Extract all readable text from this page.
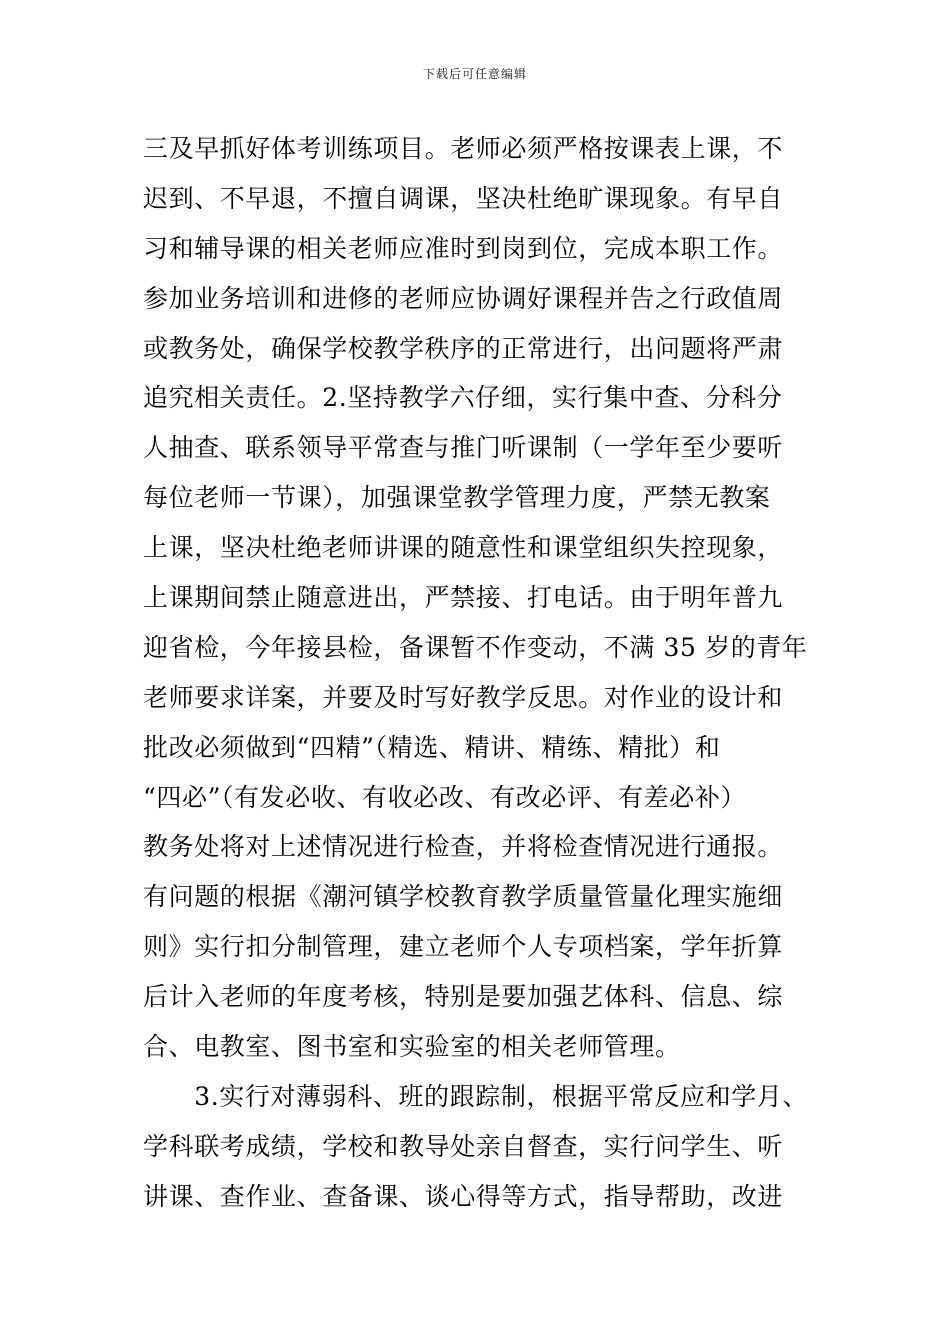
下载后可任意编辑
三及早抓好体考训练项目。老师必须严格按课表上课，不
迟到、不早退，不擅自调课，坚决杜绝旷课现象。有早自
习和辅导课的相关老师应准时到岗到位，完成本职工作。
参加业务培训和进修的老师应协调好课程并告之行政值周
或教务处，确保学校教学秩序的正常进行，出问题将严肃
追究相关责任。2.坚持教学六仔细，实行集中查、分科分
人抽查、联系领导平常查与推门听课制（一学年至少要听
每位老师一节课），加强课堂教学管理力度，严禁无教案
上课，坚决杜绝老师讲课的随意性和课堂组织失控现象，
上课期间禁止随意进出，严禁接、打电话。由于明年普九
迎省检，今年接县检，备课暂不作变动，不满 35 岁的青年
老师要求详案，并要及时写好教学反思。对作业的设计和
批改必须做到“四精”（精选、精讲、精练、精批）和
“四必”（有发必收、有收必改、有改必评、有差必补）
教务处将对上述情况进行检查，并将检查情况进行通报。
有问题的根据《潮河镇学校教育教学质量管量化理实施细
则》实行扣分制管理，建立老师个人专项档案，学年折算
后计入老师的年度考核，特别是要加强艺体科、信息、综
合、电教室、图书室和实验室的相关老师管理。
　　3.实行对薄弱科、班的跟踪制，根据平常反应和学月、
学科联考成绩，学校和教导处亲自督查，实行问学生、听
讲课、查作业、查备课、谈心得等方式，指导帮助，改进
